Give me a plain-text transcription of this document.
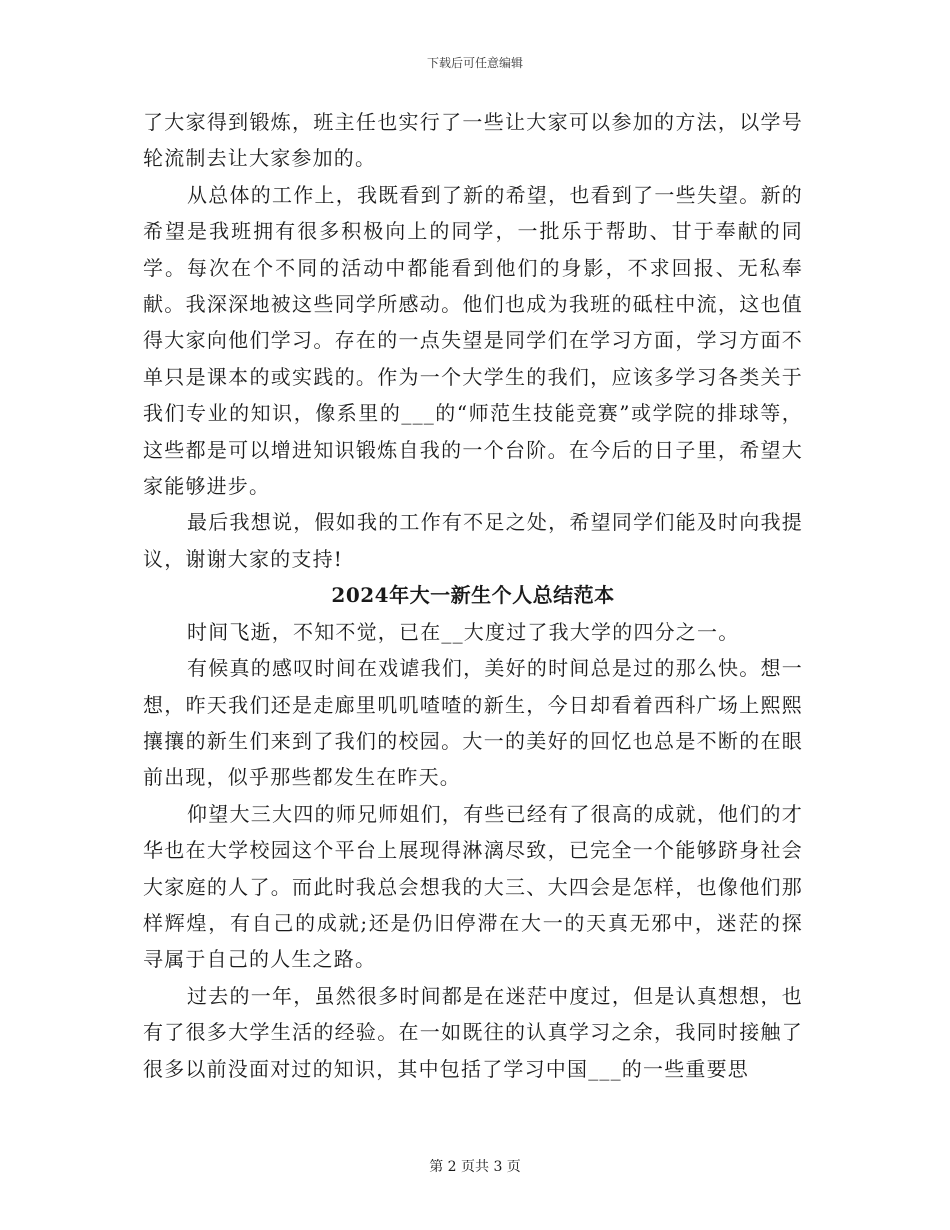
下载后可任意编辑

了大家得到锻炼，班主任也实行了一些让大家可以参加的方法，以学号轮流制去让大家参加的。

从总体的工作上，我既看到了新的希望，也看到了一些失望。新的希望是我班拥有很多积极向上的同学，一批乐于帮助、甘于奉献的同学。每次在个不同的活动中都能看到他们的身影，不求回报、无私奉献。我深深地被这些同学所感动。他们也成为我班的砥柱中流，这也值得大家向他们学习。存在的一点失望是同学们在学习方面，学习方面不单只是课本的或实践的。作为一个大学生的我们，应该多学习各类关于我们专业的知识，像系里的___的“师范生技能竞赛”或学院的排球等，这些都是可以增进知识锻炼自我的一个台阶。在今后的日子里，希望大家能够进步。

最后我想说，假如我的工作有不足之处，希望同学们能及时向我提议，谢谢大家的支持!

2024年大一新生个人总结范本

时间飞逝，不知不觉，已在__大度过了我大学的四分之一。

有候真的感叹时间在戏谑我们，美好的时间总是过的那么快。想一想，昨天我们还是走廊里叽叽喳喳的新生，今日却看着西科广场上熙熙攘攘的新生们来到了我们的校园。大一的美好的回忆也总是不断的在眼前出现，似乎那些都发生在昨天。

仰望大三大四的师兄师姐们，有些已经有了很高的成就，他们的才华也在大学校园这个平台上展现得淋漓尽致，已完全一个能够跻身社会大家庭的人了。而此时我总会想我的大三、大四会是怎样，也像他们那样辉煌，有自己的成就;还是仍旧停滞在大一的天真无邪中，迷茫的探寻属于自己的人生之路。

过去的一年，虽然很多时间都是在迷茫中度过，但是认真想想，也有了很多大学生活的经验。在一如既往的认真学习之余，我同时接触了很多以前没面对过的知识，其中包括了学习中国___的一些重要思

第 2 页共 3 页
